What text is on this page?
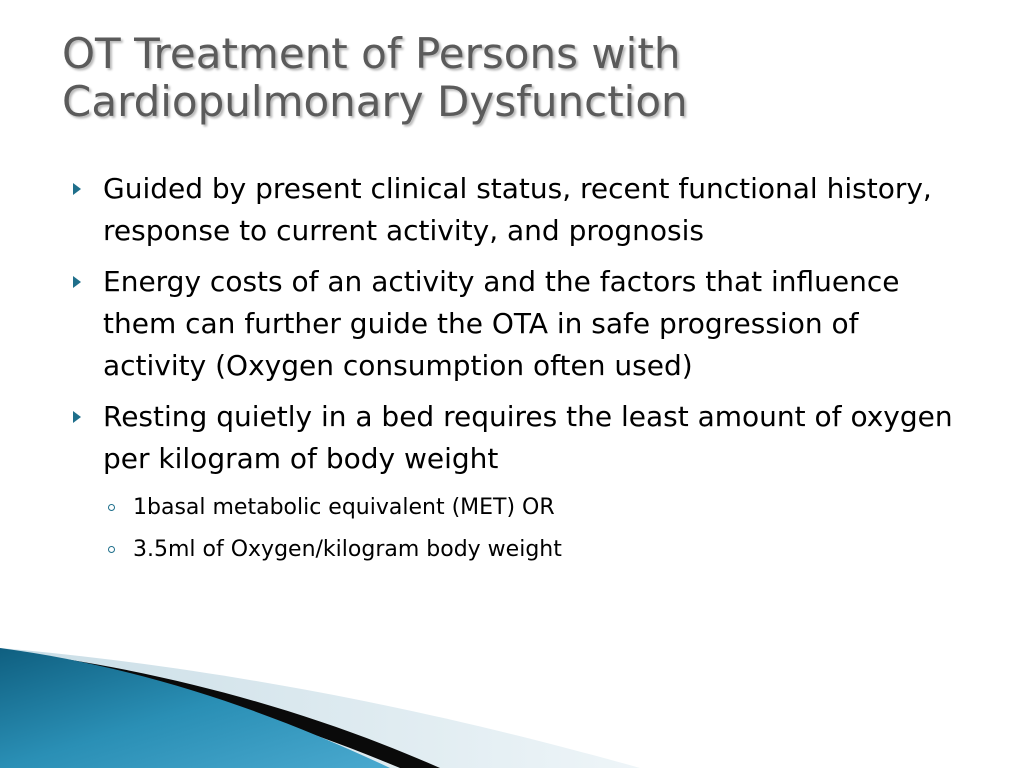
OT Treatment of Persons with Cardiopulmonary Dysfunction
Guided by present clinical status, recent functional history, response to current activity, and prognosis
Energy costs of an activity and the factors that influence them can further guide the OTA in safe progression of activity (Oxygen consumption often used)
Resting quietly in a bed requires the least amount of oxygen per kilogram of body weight
1basal metabolic equivalent (MET) OR
3.5ml of Oxygen/kilogram body weight
